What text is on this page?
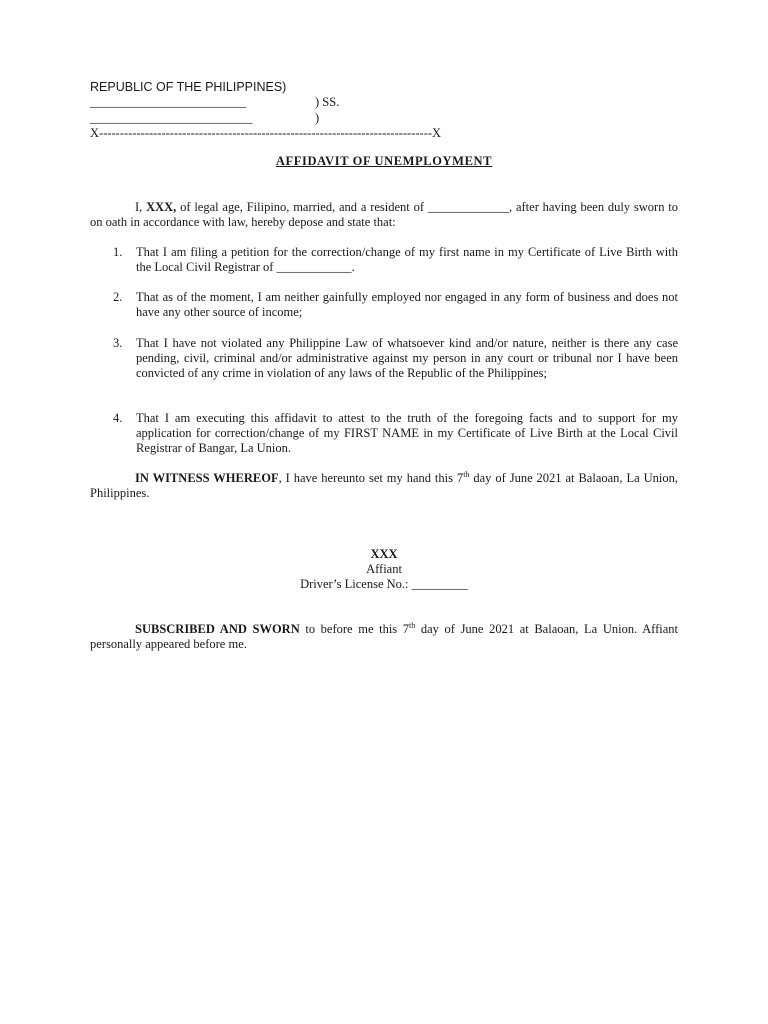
REPUBLIC OF THE PHILIPPINES)
_________________________	) SS.
__________________________	)
X--------------------------------------------------------------------------------X
AFFIDAVIT OF UNEMPLOYMENT
I, XXX, of legal age, Filipino, married, and a resident of _____________, after having been duly sworn to on oath in accordance with law, hereby depose and state that:
1. That I am filing a petition for the correction/change of my first name in my Certificate of Live Birth with the Local Civil Registrar of ____________.
2. That as of the moment, I am neither gainfully employed nor engaged in any form of business and does not have any other source of income;
3. That I have not violated any Philippine Law of whatsoever kind and/or nature, neither is there any case pending, civil, criminal and/or administrative against my person in any court or tribunal nor I have been convicted of any crime in violation of any laws of the Republic of the Philippines;
4. That I am executing this affidavit to attest to the truth of the foregoing facts and to support for my application for correction/change of my FIRST NAME in my Certificate of Live Birth at the Local Civil Registrar of Bangar, La Union.
IN WITNESS WHEREOF, I have hereunto set my hand this 7th day of June 2021 at Balaoan, La Union, Philippines.
XXX
Affiant
Driver’s License No.: _________
SUBSCRIBED AND SWORN to before me this 7th day of June 2021 at Balaoan, La Union. Affiant personally appeared before me.
